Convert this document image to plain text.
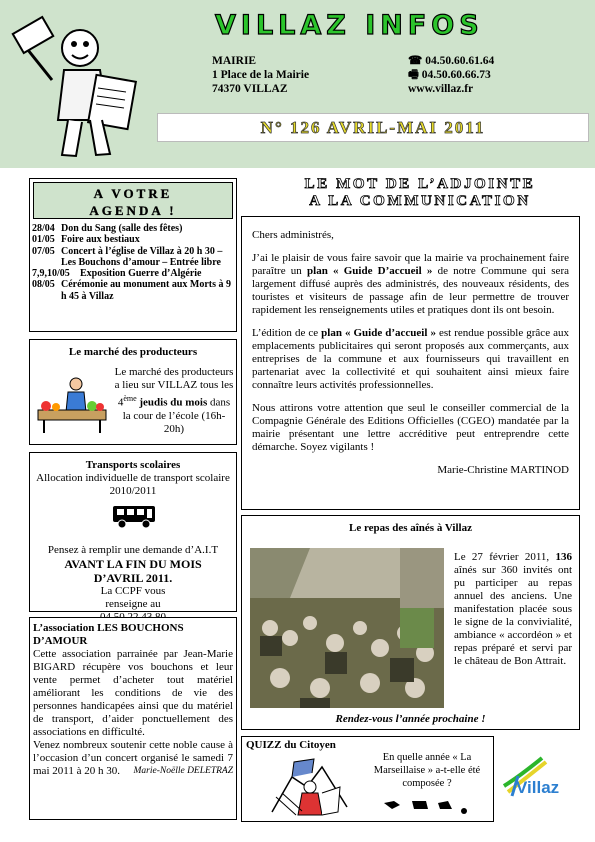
VILLAZ INFOS
MAIRIE
1 Place de la Mairie
74370 VILLAZ
☎ 04.50.60.61.64
🖷 04.50.60.66.73
www.villaz.fr
N° 126 AVRIL-MAI 2011
A VOTRE
AGENDA !
28/04 Don du Sang (salle des fêtes)
01/05 Foire aux bestiaux
07/05 Concert à l’église de Villaz à 20 h 30 – Les Bouchons d’amour – Entrée libre
7,9,10/05	Exposition Guerre d’Algérie
08/05 Cérémonie au monument aux Morts à 9 h 45 à Villaz
Le marché des producteurs
Le marché des producteurs a lieu sur VILLAZ tous les 4ème jeudis du mois dans la cour de l’école (16h-20h)
Transports scolaires
Allocation individuelle de transport scolaire 2010/2011
Pensez à remplir une demande d’A.I.T
AVANT LA FIN DU MOIS D’AVRIL 2011.
La CCPF vous renseigne au
L’association LES BOUCHONS D’AMOUR
Cette association parrainée par Jean-Marie BIGARD récupère vos bouchons et leur vente permet d’acheter tout matériel améliorant les conditions de vie des personnes handicapées ainsi que du matériel de transport, d’aider ponctuellement des associations en difficulté.
Venez nombreux soutenir cette noble cause à l’occasion d’un concert organisé le samedi 7 mai 2011 à 20 h 30. Marie-Noëlle DELETRAZ
LE MOT DE L’ADJOINTE
A LA COMMUNICATION

Chers administrés,

J’ai le plaisir de vous faire savoir que la mairie va prochainement faire paraître un plan « Guide D’accueil » de notre Commune qui sera largement diffusé auprès des administrés, des nouveaux résidents, des touristes et visiteurs de passage afin de leur permettre de trouver rapidement les renseignements utiles et pratiques dont ils ont besoin.

L’édition de ce plan « Guide d’accueil » est rendue possible grâce aux emplacements publicitaires qui seront proposés aux commerçants, aux entreprises de la commune et aux fournisseurs qui travaillent en partenariat avec la collectivité et qui souhaitent ainsi mieux faire connaître leurs activités professionnelles.

Nous attirons votre attention que seul le conseiller commercial de la Compagnie Générale des Editions Officielles (CGEO) mandatée par la mairie présentant une lettre accréditive peut entreprendre cette démarche. Soyez vigilants !

Marie-Christine MARTINOD
Le repas des aînés à Villaz
Le 27 février 2011, 136 aînés sur 360 invités ont pu participer au repas annuel des anciens. Une manifestation placée sous le signe de la convivialité, ambiance « accordéon » et repas préparé et servi par le château de Bon Attrait.
Rendez-vous l’année prochaine !
QUIZZ du Citoyen
En quelle année « La Marseillaise » a-t-elle été composée ?	Villaz
